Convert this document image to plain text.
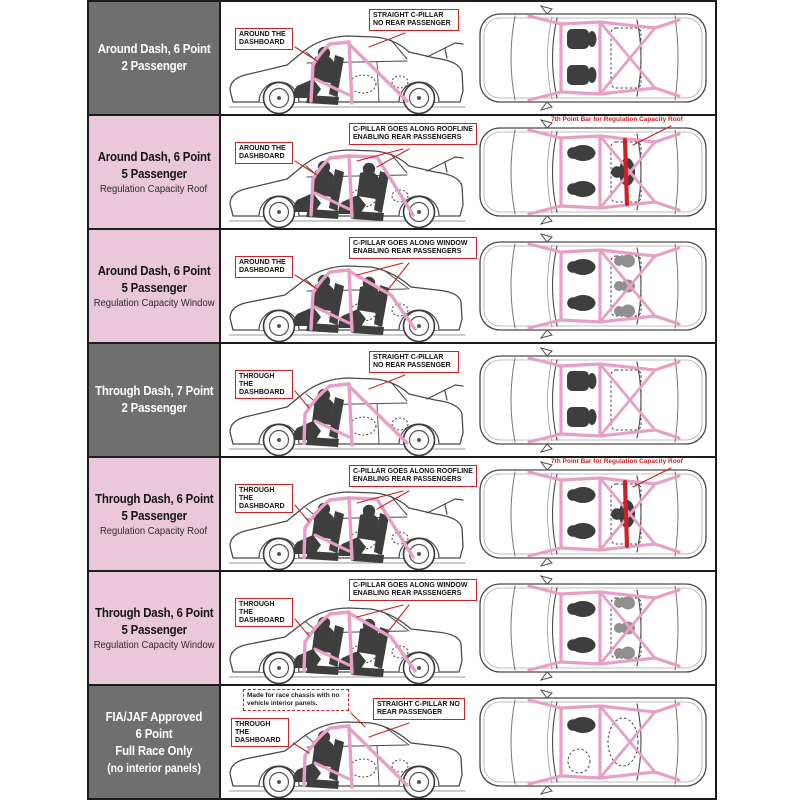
Around Dash, 6 Point
2 Passenger
AROUND THE DASHBOARD
STRAIGHT C-PILLAR NO REAR PASSENGER
Around Dash, 6 Point
5 Passenger
Regulation Capacity Roof
AROUND THE DASHBOARD
C-PILLAR GOES ALONG ROOFLINE ENABLING REAR PASSENGERS
7th Point Bar for Regulation Capacity Roof
Around Dash, 6 Point
5 Passenger
Regulation Capacity Window
AROUND THE DASHBOARD
C-PILLAR GOES ALONG WINDOW ENABLING REAR PASSENGERS
Through Dash, 7 Point
2 Passenger
THROUGH THE DASHBOARD
STRAIGHT C-PILLAR NO REAR PASSENGER
Through Dash, 6 Point
5 Passenger
Regulation Capacity Roof
THROUGH THE DASHBOARD
C-PILLAR GOES ALONG ROOFLINE ENABLING REAR PASSENGERS
7th Point Bar for Regulation Capacity Roof
Through Dash, 6 Point
5 Passenger
Regulation Capacity Window
THROUGH THE DASHBOARD
C-PILLAR GOES ALONG WINDOW ENABLING REAR PASSENGERS
FIA/JAF Approved
6 Point
Full Race Only
(no interior panels)
THROUGH THE DASHBOARD
STRAIGHT C-PILLAR NO REAR PASSENGER
Made for race chassis with no vehicle interior panels.
